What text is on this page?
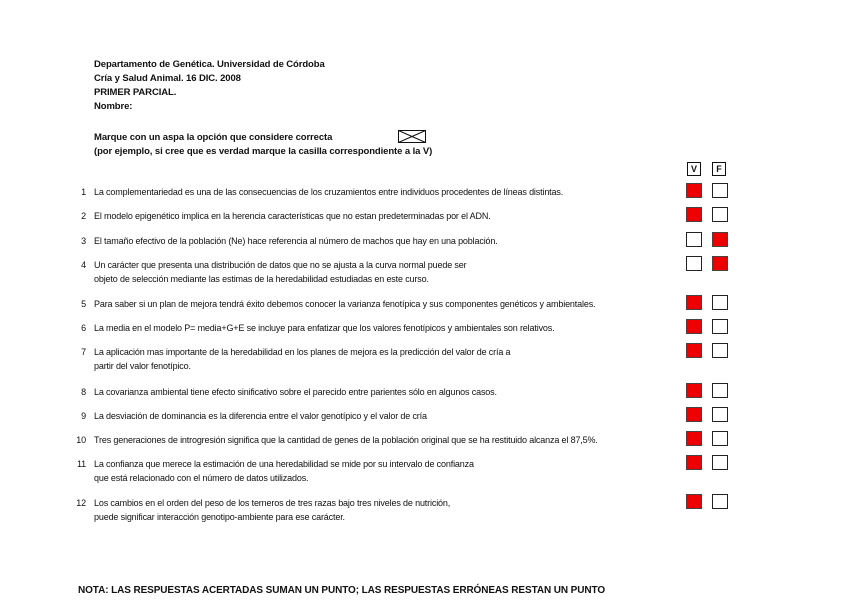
Departamento de Genética. Universidad de Córdoba
Cría y Salud Animal. 16 DIC. 2008
PRIMER PARCIAL.
Nombre:
Marque con un aspa la opción que considere correcta
(por ejemplo, si cree que es verdad marque la casilla correspondiente a la V)
V	F
1 La complementariedad es una de las consecuencias de los cruzamientos entre individuos procedentes de líneas distintas.
2 El modelo epigenético implica en la herencia características que no estan predeterminadas por el ADN.
3 El tamaño efectivo de la población (Ne) hace referencia al número de machos que hay en una población.
4 Un carácter que presenta una distribución de datos que no se ajusta a la curva normal puede ser
objeto de selección mediante las estimas de la heredabilidad estudiadas en este curso.
5 Para saber si un plan de mejora tendrá éxito debemos conocer la varianza fenotípica y sus componentes genéticos y ambientales.
6 La media en el modelo P= media+G+E se incluye para enfatizar que los valores fenotípicos y ambientales son relativos.
7 La aplicación mas importante de la heredabilidad en los planes de mejora es la predicción del valor de cría a
partir del valor fenotípico.
8 La covarianza ambiental tiene efecto sinificativo sobre el parecido entre parientes sólo en algunos casos.
9 La desviación de dominancia es la diferencia entre el valor genotípico y el valor de cría
10 Tres generaciones de introgresión significa que la cantidad de genes de la población original que se ha restituido alcanza el 87,5%.
11 La confianza que merece la estimación de una heredabilidad se mide por su intervalo de confianza
que está relacionado con el número de datos utilizados.
12 Los cambios en el orden del peso de los terneros de tres razas bajo tres niveles de nutrición,
puede significar interacción genotipo-ambiente para ese carácter.
NOTA: LAS RESPUESTAS ACERTADAS SUMAN UN PUNTO; LAS RESPUESTAS ERRÓNEAS RESTAN UN PUNTO
